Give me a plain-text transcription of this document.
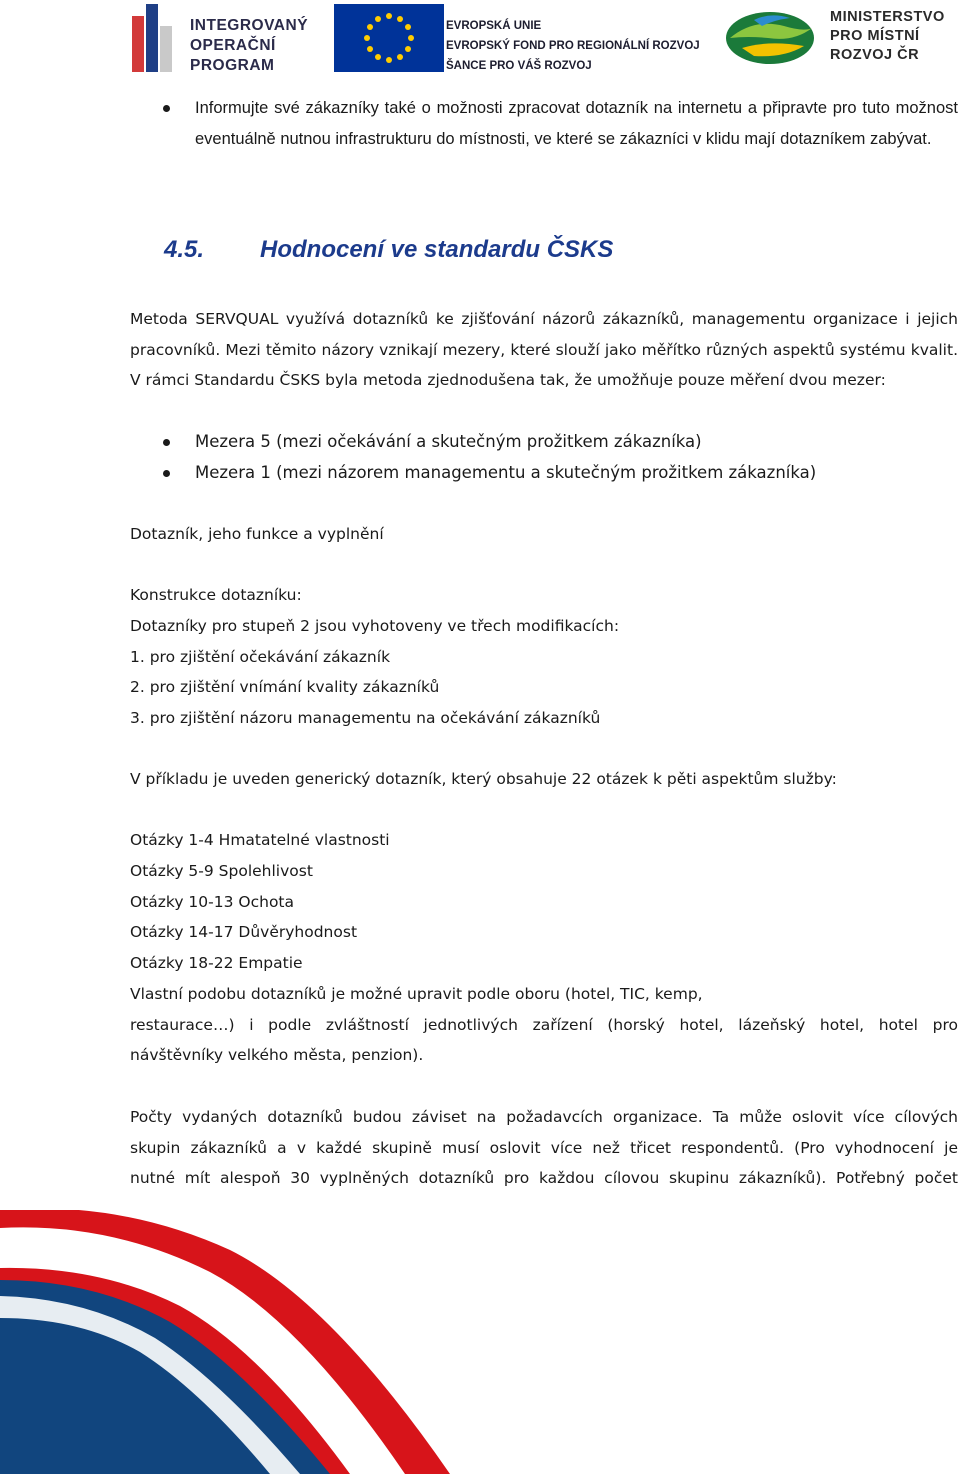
INTEGROVANÝ
OPERAČNÍ
PROGRAM
EVROPSKÁ UNIE
EVROPSKÝ FOND PRO REGIONÁLNÍ ROZVOJ
ŠANCE PRO VÁŠ ROZVOJ
MINISTERSTVO
PRO MÍSTNÍ
ROZVOJ ČR
Informujte své zákazníky také o možnosti zpracovat dotazník na internetu a připravte pro tuto možnost eventuálně nutnou infrastrukturu do místnosti, ve které se zákazníci v klidu mají dotazníkem zabývat.
4.5. Hodnocení ve standardu ČSKS
Metoda SERVQUAL využívá dotazníků ke zjišťování názorů zákazníků, managementu organizace i jejich pracovníků. Mezi těmito názory vznikají mezery, které slouží jako měřítko různých aspektů systému kvalit. V rámci Standardu ČSKS byla metoda zjednodušena tak, že umožňuje pouze měření dvou mezer:
Mezera 5 (mezi očekávání a skutečným prožitkem zákazníka)
Mezera 1 (mezi názorem managementu a skutečným prožitkem zákazníka)
Dotazník, jeho funkce a vyplnění
Konstrukce dotazníku:
Dotazníky pro stupeň 2 jsou vyhotoveny ve třech modifikacích:
1. pro zjištění očekávání zákazník
2. pro zjištění vnímání kvality zákazníků
3. pro zjištění názoru managementu na očekávání zákazníků
V příkladu je uveden generický dotazník, který obsahuje 22 otázek k pěti aspektům služby:
Otázky 1-4 Hmatatelné vlastnosti
Otázky 5-9 Spolehlivost
Otázky 10-13 Ochota
Otázky 14-17 Důvěryhodnost
Otázky 18-22 Empatie
Vlastní podobu dotazníků je možné upravit podle oboru (hotel, TIC, kemp,
restaurace…) i podle zvláštností jednotlivých zařízení (horský hotel, lázeňský hotel, hotel pro
návštěvníky velkého města, penzion).
Počty vydaných dotazníků budou záviset na požadavcích organizace. Ta může oslovit více cílových
skupin zákazníků a v každé skupině musí oslovit více než třicet respondentů. (Pro vyhodnocení je
nutné mít alespoň 30 vyplněných dotazníků pro každou cílovou skupinu zákazníků). Potřebný počet
